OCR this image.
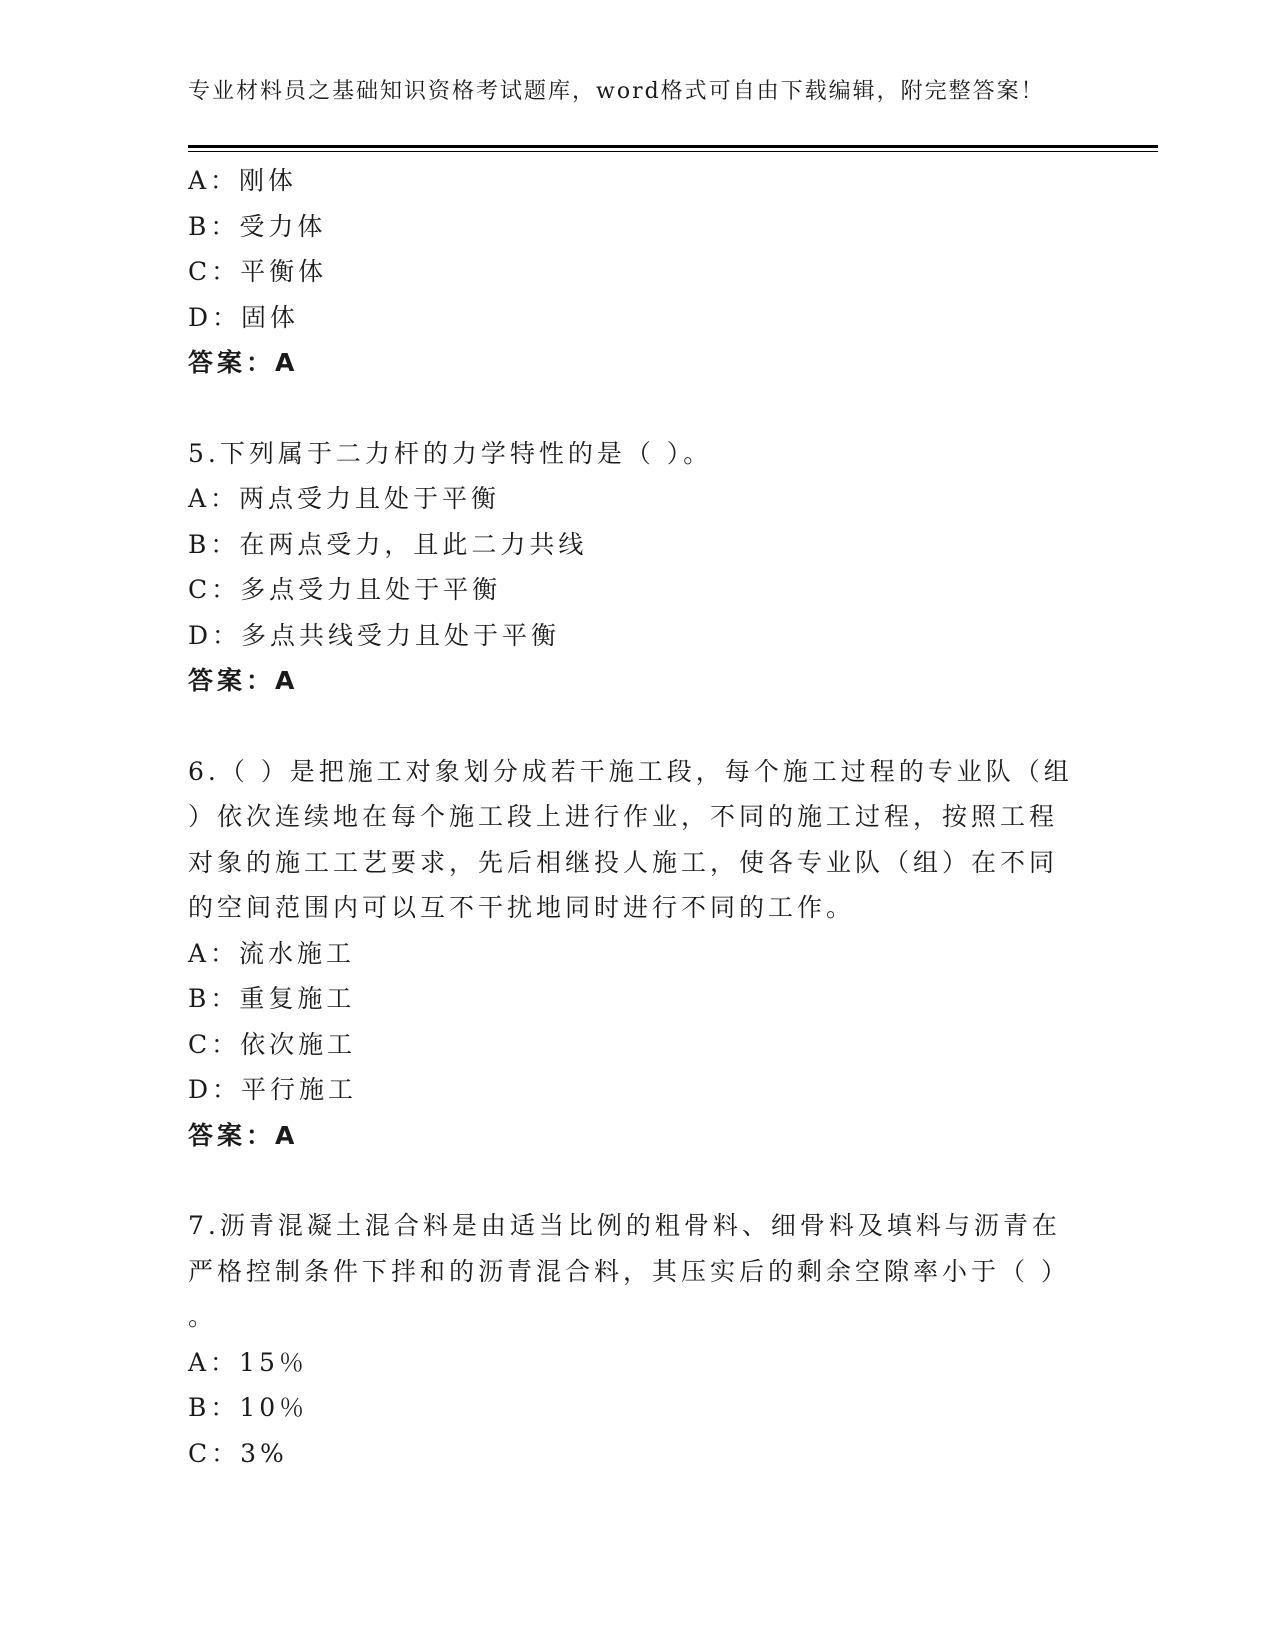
专业材料员之基础知识资格考试题库，word格式可自由下载编辑，附完整答案！
A：刚体
B：受力体
C：平衡体
D：固体
答案：A
5.下列属于二力杆的力学特性的是（ ）。
A：两点受力且处于平衡
B：在两点受力，且此二力共线
C：多点受力且处于平衡
D：多点共线受力且处于平衡
答案：A
6.（ ）是把施工对象划分成若干施工段，每个施工过程的专业队（组
）依次连续地在每个施工段上进行作业，不同的施工过程，按照工程
对象的施工工艺要求，先后相继投人施工，使各专业队（组）在不同
的空间范围内可以互不干扰地同时进行不同的工作。
A：流水施工
B：重复施工
C：依次施工
D：平行施工
答案：A
7.沥青混凝土混合料是由适当比例的粗骨料、细骨料及填料与沥青在
严格控制条件下拌和的沥青混合料，其压实后的剩余空隙率小于（ ）
。
A：15％
B：10％
C：3%
